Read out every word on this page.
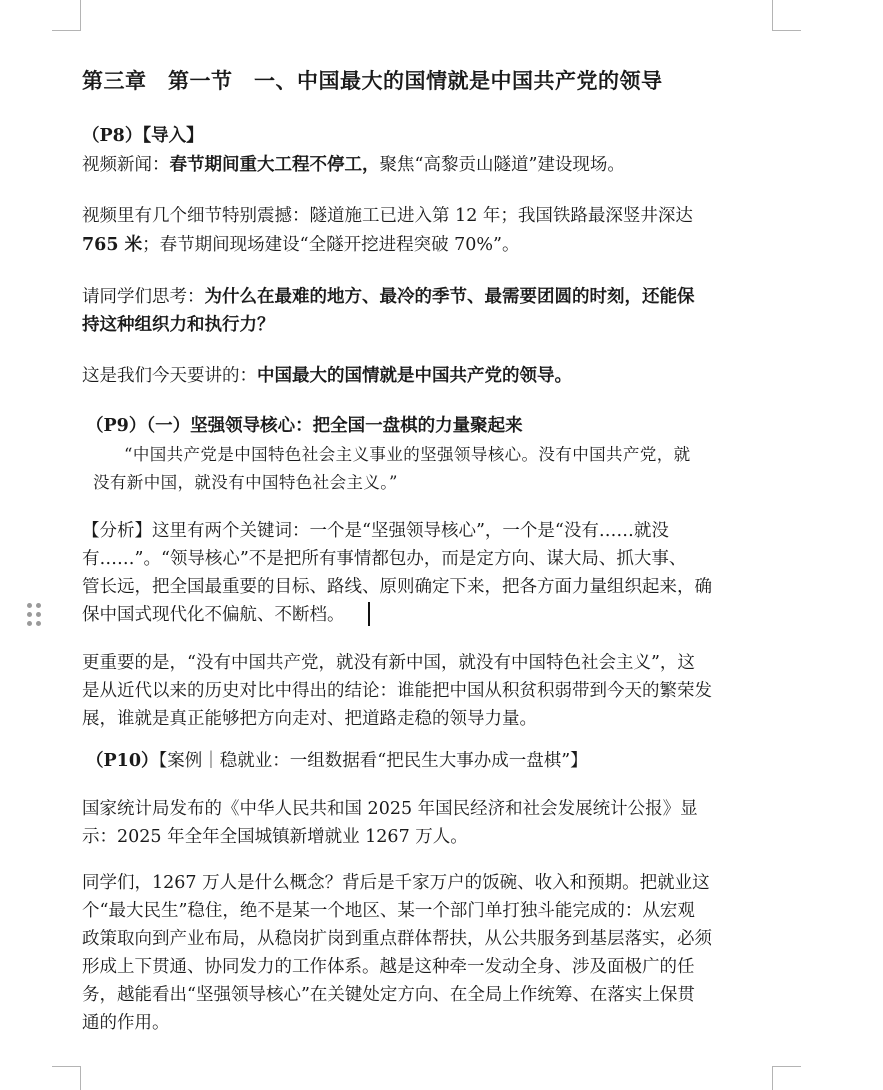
第三章　第一节　一、中国最大的国情就是中国共产党的领导
（P8）【导入】
视频新闻：春节期间重大工程不停工，聚焦“高黎贡山隧道”建设现场。
视频里有几个细节特别震撼：隧道施工已进入第 12 年；我国铁路最深竖井深达
765 米；春节期间现场建设“全隧开挖进程突破 70%”。
请同学们思考：为什么在最难的地方、最冷的季节、最需要团圆的时刻，还能保
持这种组织力和执行力？
这是我们今天要讲的：中国最大的国情就是中国共产党的领导。
（P9）（一）坚强领导核心：把全国一盘棋的力量聚起来
“中国共产党是中国特色社会主义事业的坚强领导核心。没有中国共产党，就
没有新中国，就没有中国特色社会主义。”
【分析】这里有两个关键词：一个是“坚强领导核心”，一个是“没有……就没
有……”。“领导核心”不是把所有事情都包办，而是定方向、谋大局、抓大事、
管长远，把全国最重要的目标、路线、原则确定下来，把各方面力量组织起来，确
保中国式现代化不偏航、不断档。
更重要的是，“没有中国共产党，就没有新中国，就没有中国特色社会主义”，这
是从近代以来的历史对比中得出的结论：谁能把中国从积贫积弱带到今天的繁荣发
展，谁就是真正能够把方向走对、把道路走稳的领导力量。
（P10）【案例｜稳就业：一组数据看“把民生大事办成一盘棋”】
国家统计局发布的《中华人民共和国 2025 年国民经济和社会发展统计公报》显
示：2025 年全年全国城镇新增就业 1267 万人。
同学们，1267 万人是什么概念？背后是千家万户的饭碗、收入和预期。把就业这
个“最大民生”稳住，绝不是某一个地区、某一个部门单打独斗能完成的：从宏观
政策取向到产业布局，从稳岗扩岗到重点群体帮扶，从公共服务到基层落实，必须
形成上下贯通、协同发力的工作体系。越是这种牵一发动全身、涉及面极广的任
务，越能看出“坚强领导核心”在关键处定方向、在全局上作统筹、在落实上保贯
通的作用。
